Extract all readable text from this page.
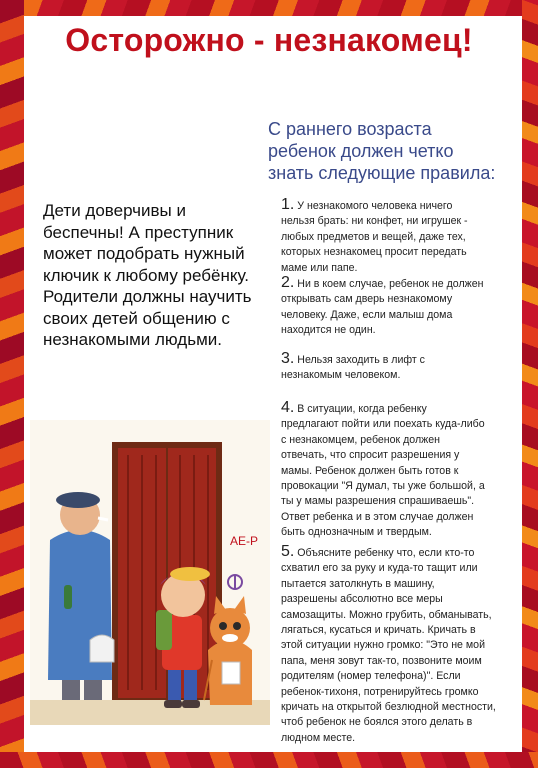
Осторожно - незнакомец!
С раннего возраста
ребенок должен четко
знать следующие правила:
Дети доверчивы и
беспечны! А преступник
может подобрать нужный
ключик к любому ребёнку.
Родители должны научить
своих детей общению с
незнакомыми людьми.
1. У незнакомого человека ничего
нельзя брать: ни конфет, ни игрушек -
любых предметов и вещей, даже тех,
которых незнакомец просит передать
маме или папе.
2. Ни в коем случае, ребенок не должен
открывать сам дверь незнакомому
человеку. Даже, если малыш дома
находится не один.
3. Нельзя заходить в лифт с
незнакомым человеком.
4. В ситуации, когда ребенку
предлагают пойти или поехать куда-либо
с незнакомцем, ребенок должен
отвечать, что спросит разрешения у
мамы. Ребенок должен быть готов к
провокации "Я думал, ты уже большой, а
ты у мамы разрешения спрашиваешь".
Ответ ребенка и в этом случае должен
быть однозначным и твердым.
5. Объясните ребенку что, если кто-то
схватил его за руку и куда-то тащит или
пытается затолкнуть в машину,
разрешены абсолютно все меры
самозащиты. Можно грубить, обманывать,
лягаться, кусаться и кричать. Кричать в
этой ситуации нужно громко: "Это не мой
папа, меня зовут так-то, позвоните моим
родителям (номер телефона)". Если
ребенок-тихоня, потренируйтесь громко
кричать на открытой безлюдной местности,
чтоб ребенок не боялся этого делать в
людном месте.
AE-P
